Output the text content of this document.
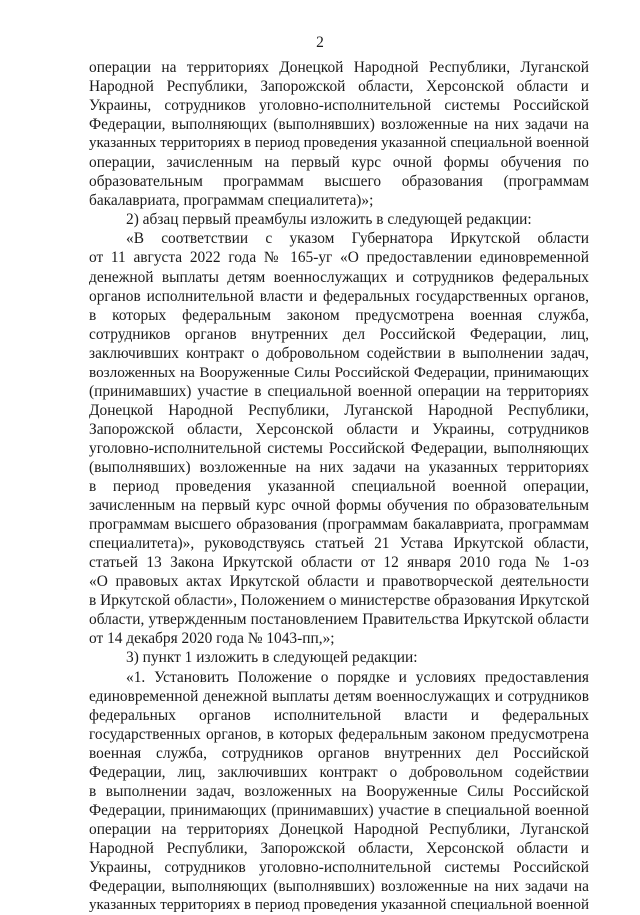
2
операции на территориях Донецкой Народной Республики, Луганской
Народной Республики, Запорожской области, Херсонской области и
Украины, сотрудников уголовно-исполнительной системы Российской
Федерации, выполняющих (выполнявших) возложенные на них задачи на
указанных территориях в период проведения указанной специальной военной
операции, зачисленным на первый курс очной формы обучения по
образовательным программам высшего образования (программам
бакалавриата, программам специалитета)»;
2) абзац первый преамбулы изложить в следующей редакции:
«В соответствии с указом Губернатора Иркутской области
от 11 августа 2022 года № 165-уг «О предоставлении единовременной
денежной выплаты детям военнослужащих и сотрудников федеральных
органов исполнительной власти и федеральных государственных органов,
в которых федеральным законом предусмотрена военная служба,
сотрудников органов внутренних дел Российской Федерации, лиц,
заключивших контракт о добровольном содействии в выполнении задач,
возложенных на Вооруженные Силы Российской Федерации, принимающих
(принимавших) участие в специальной военной операции на территориях
Донецкой Народной Республики, Луганской Народной Республики,
Запорожской области, Херсонской области и Украины, сотрудников
уголовно-исполнительной системы Российской Федерации, выполняющих
(выполнявших) возложенные на них задачи на указанных территориях
в период проведения указанной специальной военной операции,
зачисленным на первый курс очной формы обучения по образовательным
программам высшего образования (программам бакалавриата, программам
специалитета)», руководствуясь статьей 21 Устава Иркутской области,
статьей 13 Закона Иркутской области от 12 января 2010 года № 1-оз
«О правовых актах Иркутской области и правотворческой деятельности
в Иркутской области», Положением о министерстве образования Иркутской
области, утвержденным постановлением Правительства Иркутской области
от 14 декабря 2020 года № 1043-пп,»;
3) пункт 1 изложить в следующей редакции:
«1. Установить Положение о порядке и условиях предоставления
единовременной денежной выплаты детям военнослужащих и сотрудников
федеральных органов исполнительной власти и федеральных
государственных органов, в которых федеральным законом предусмотрена
военная служба, сотрудников органов внутренних дел Российской
Федерации, лиц, заключивших контракт о добровольном содействии
в выполнении задач, возложенных на Вооруженные Силы Российской
Федерации, принимающих (принимавших) участие в специальной военной
операции на территориях Донецкой Народной Республики, Луганской
Народной Республики, Запорожской области, Херсонской области и
Украины, сотрудников уголовно-исполнительной системы Российской
Федерации, выполняющих (выполнявших) возложенные на них задачи на
указанных территориях в период проведения указанной специальной военной
